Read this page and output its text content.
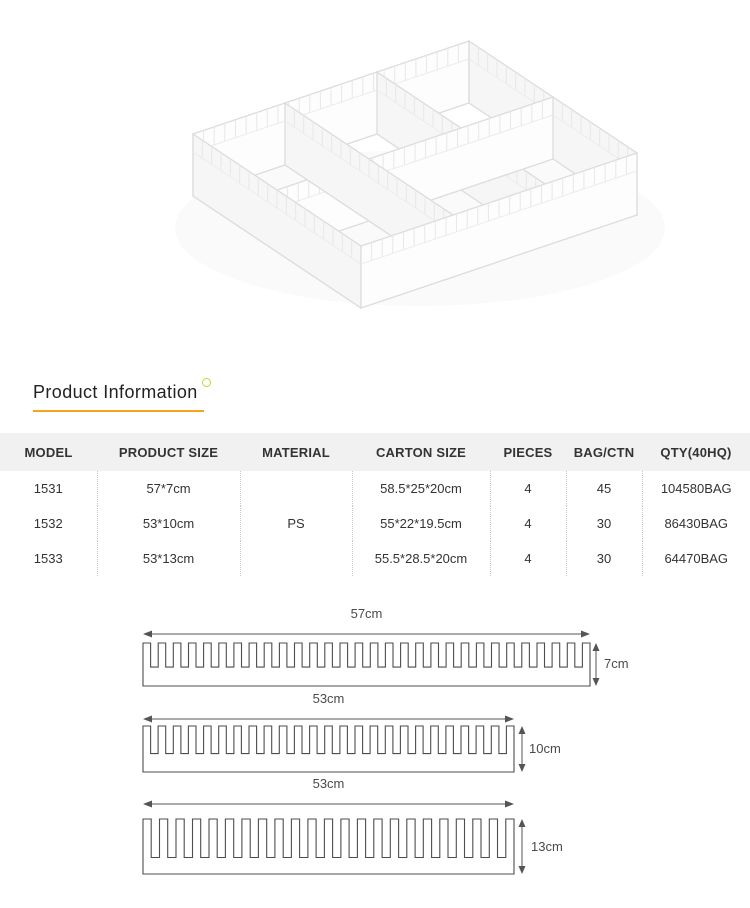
Product Information
MODEL	PRODUCT SIZE	MATERIAL	CARTON SIZE	PIECES	BAG/CTN	QTY(40HQ)
1531	57*7cm	PS	58.5*25*20cm	4	45	104580BAG
1532	53*10cm		55*22*19.5cm	4	30	86430BAG
1533	53*13cm		55.5*28.5*20cm	4	30	64470BAG
57cm
7cm
53cm
10cm
53cm
13cm
